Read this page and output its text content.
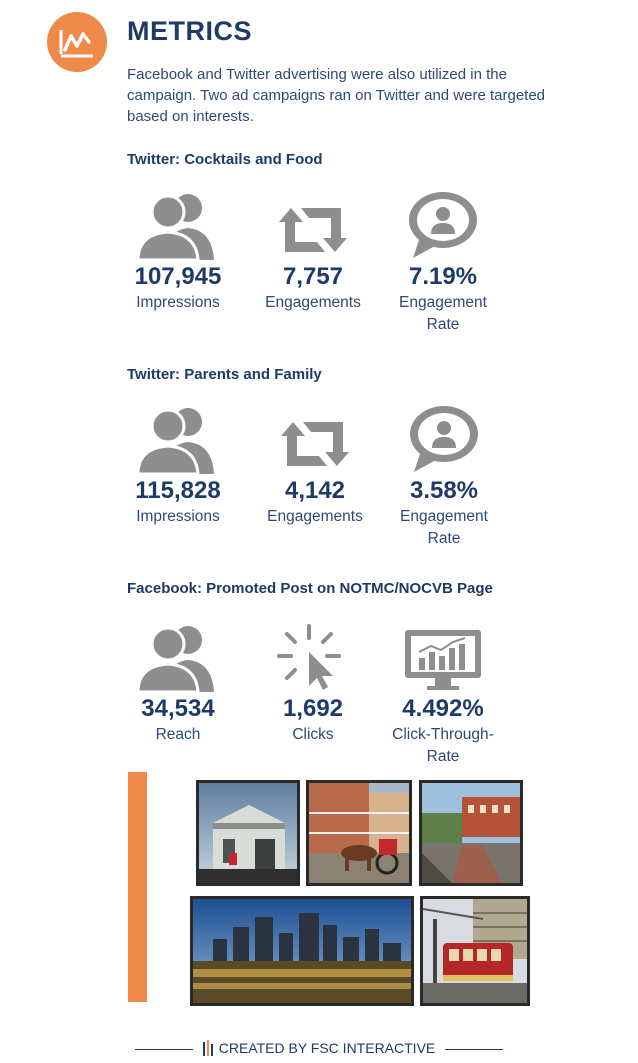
METRICS
Facebook and Twitter advertising were also utilized in the campaign. Two ad campaigns ran on Twitter and were targeted based on interests.
Twitter: Cocktails and Food
107,945
Impressions
7,757
Engagements
7.19%
Engagement
Rate
Twitter: Parents and Family
115,828
Impressions
4,142
Engagements
3.58%
Engagement
Rate
Facebook: Promoted Post on NOTMC/NOCVB Page
34,534
Reach
1,692
Clicks
4.492%
Click-Through-Rate
CREATED BY FSC INTERACTIVE
